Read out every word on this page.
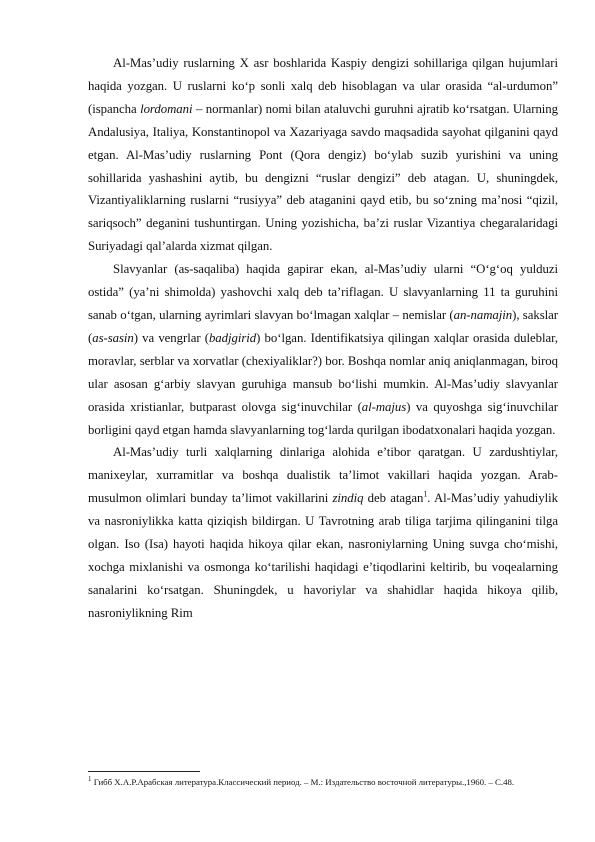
Al-Mas’udiy ruslarning X asr boshlarida Kaspiy dengizi sohillariga qilgan hujumlari haqida yozgan. U ruslarni ko‘p sonli xalq deb hisoblagan va ular orasida “al-urdumon” (ispancha lordomani – normanlar) nomi bilan ataluvchi guruhni ajratib ko‘rsatgan. Ularning Andalusiya, Italiya, Konstantinopol va Xazariyaga savdo maqsadida sayohat qilganini qayd etgan. Al-Mas’udiy ruslarning Pont (Qora dengiz) bo‘ylab suzib yurishini va uning sohillarida yashashini aytib, bu dengizni “ruslar dengizi” deb atagan. U, shuningdek, Vizantiyaliklarning ruslarni “rusiyya” deb ataganini qayd etib, bu so‘zning ma’nosi “qizil, sariqsoch” deganini tushuntirgan. Uning yozishicha, ba’zi ruslar Vizantiya chegaralaridagi Suriyadagi qal’alarda xizmat qilgan.

Slavyanlar (as-saqaliba) haqida gapirar ekan, al-Mas’udiy ularni “O‘g‘oq yulduzi ostida” (ya’ni shimolda) yashovchi xalq deb ta’riflagan. U slavyanlarning 11 ta guruhini sanab o‘tgan, ularning ayrimlari slavyan bo‘lmagan xalqlar – nemislar (an-namajin), sakslar (as-sasin) va vengrlar (badjgirid) bo‘lgan. Identifikatsiya qilingan xalqlar orasida duleblar, moravlar, serblar va xorvatlar (chexiyaliklar?) bor. Boshqa nomlar aniq aniqlanmagan, biroq ular asosan g‘arbiy slavyan guruhiga mansub bo‘lishi mumkin. Al-Mas’udiy slavyanlar orasida xristianlar, butparast olovga sig‘inuvchilar (al-majus) va quyoshga sig‘inuvchilar borligini qayd etgan hamda slavyanlarning tog‘larda qurilgan ibodatxonalari haqida yozgan.

Al-Mas’udiy turli xalqlarning dinlariga alohida e’tibor qaratgan. U zardushtiylar, manixeylar, xurramitlar va boshqa dualistik ta’limot vakillari haqida yozgan. Arab-musulmon olimlari bunday ta’limot vakillarini zindiq deb atagan$^1$. Al-Mas’udiy yahudiylik va nasroniylikka katta qiziqish bildirgan. U Tavrotning arab tiliga tarjima qilinganini tilga olgan. Iso (Isa) hayoti haqida hikoya qilar ekan, nasroniylarning Uning suvga cho‘mishi, xochga mixlanishi va osmonga ko‘tarilishi haqidagi e’tiqodlarini keltirib, bu voqealarning sanalarini ko‘rsatgan. Shuningdek, u havoriylar va shahidlar haqida hikoya qilib, nasroniylikning Rim

$^1$ Гибб Х.А.Р.Арабская литература.Классический период. – М.: Издательство восточной литературы.,1960. – С.48.
